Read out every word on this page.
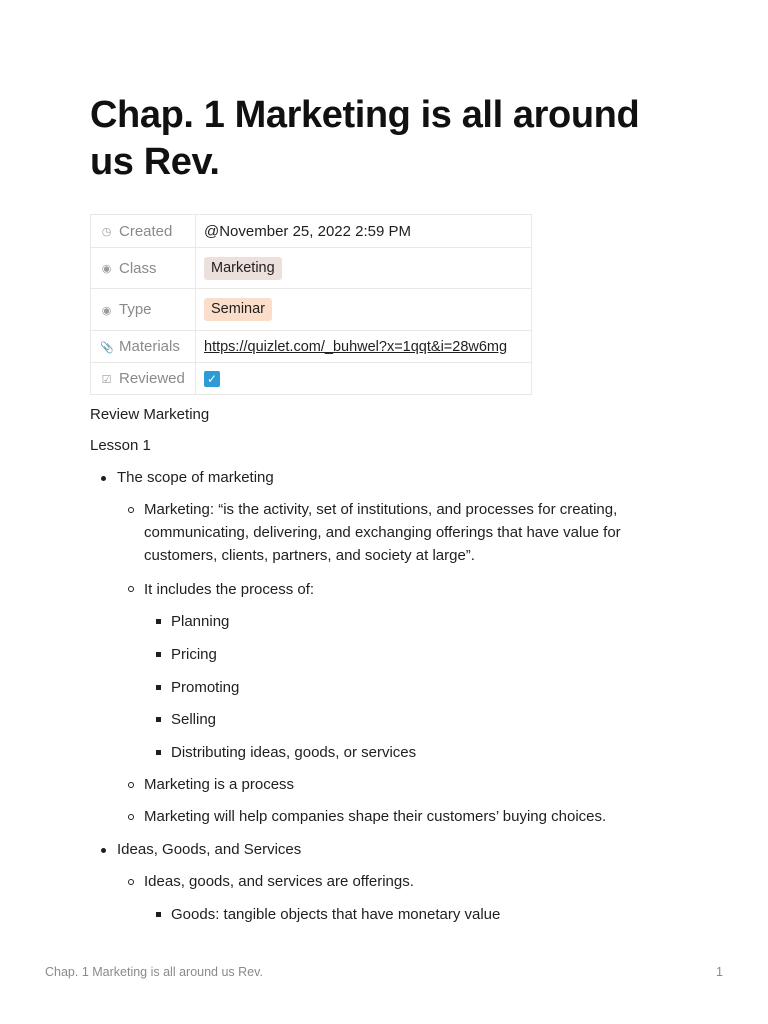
Chap. 1 Marketing is all around us Rev.
◷ Created	@November 25, 2022 2:59 PM
◉ Class	Marketing
◉ Type	Seminar
📎 Materials	https://quizlet.com/_buhwel?x=1qqt&i=28w6mg
☑ Reviewed	✓

Review Marketing

Lesson 1

The scope of marketing
Marketing: “is the activity, set of institutions, and processes for creating, communicating, delivering, and exchanging offerings that have value for customers, clients, partners, and society at large”.
It includes the process of:
Planning
Pricing
Promoting
Selling
Distributing ideas, goods, or services
Marketing is a process
Marketing will help companies shape their customers’ buying choices.
Ideas, Goods, and Services
Ideas, goods, and services are offerings.
Goods: tangible objects that have monetary value
Chap. 1 Marketing is all around us Rev.	1
